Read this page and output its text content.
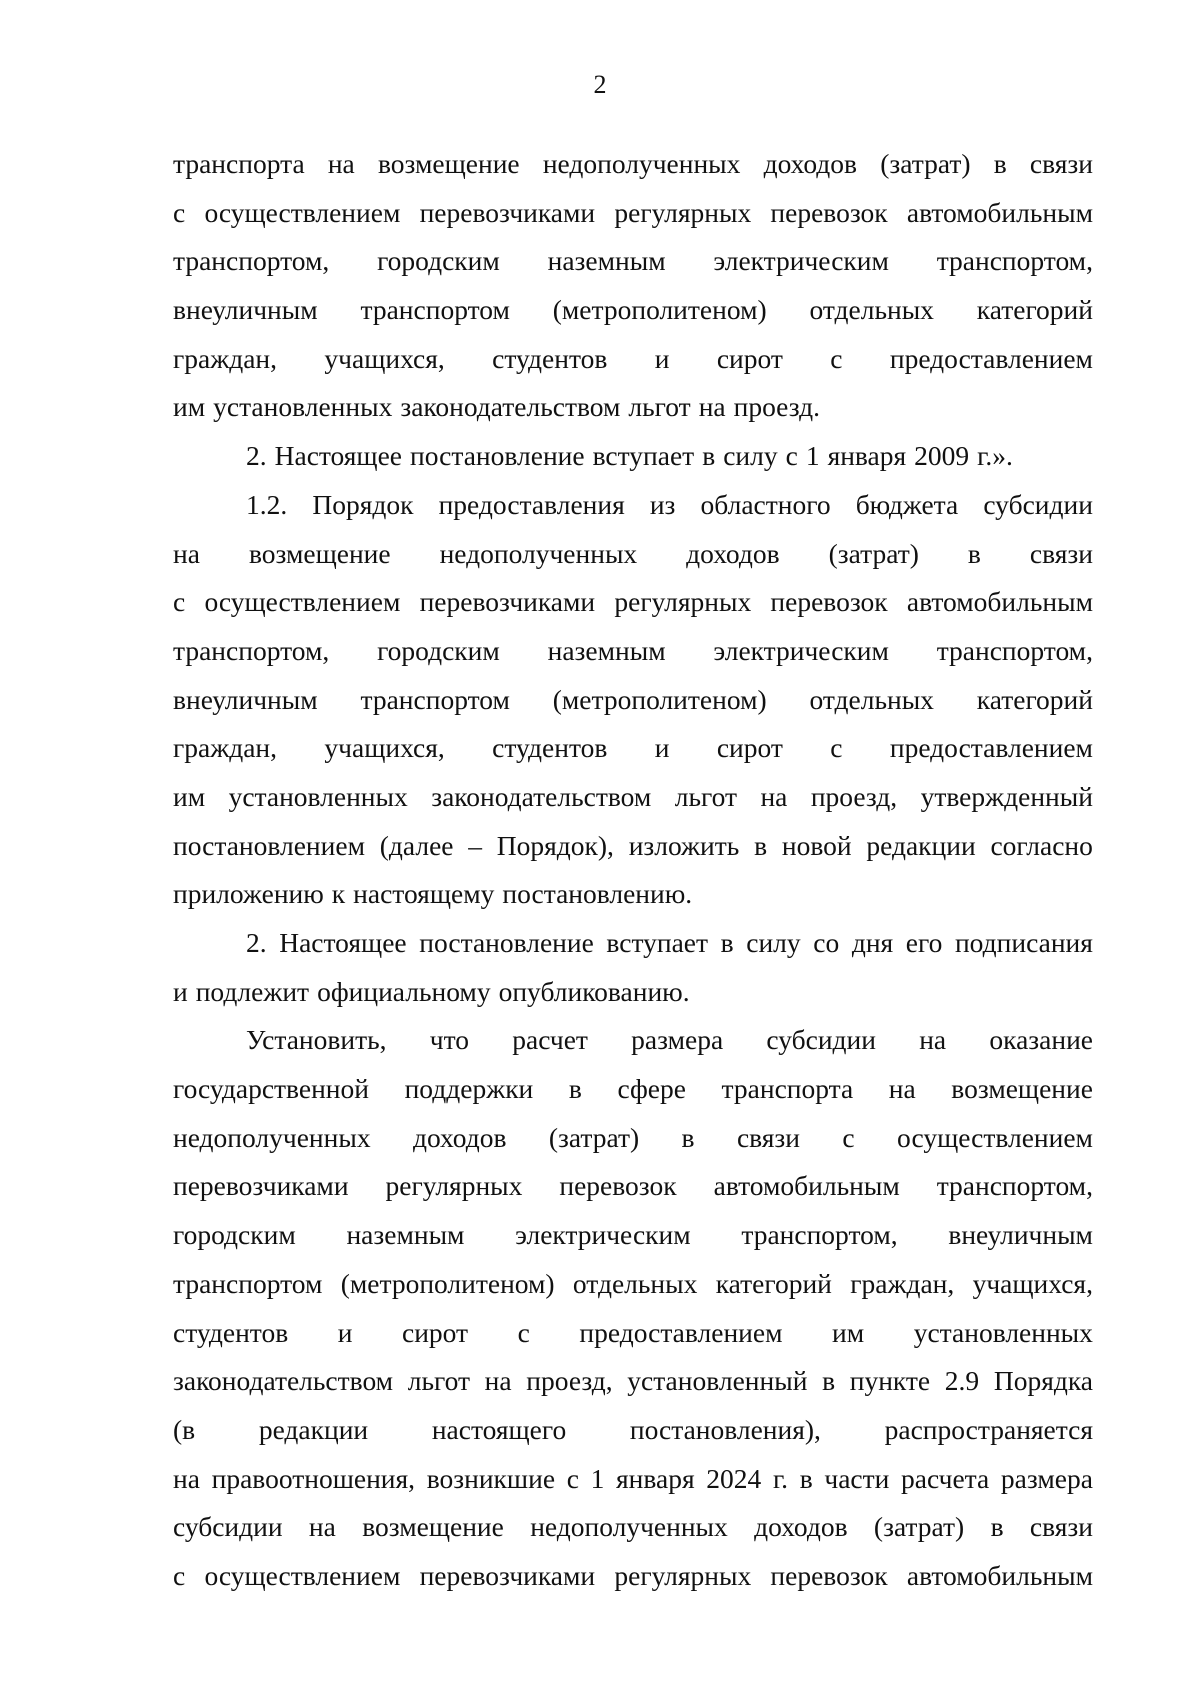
2
транспорта на возмещение недополученных доходов (затрат) в связи
с осуществлением перевозчиками регулярных перевозок автомобильным
транспортом, городским наземным электрическим транспортом,
внеуличным транспортом (метрополитеном) отдельных категорий
граждан, учащихся, студентов и сирот с предоставлением
им установленных законодательством льгот на проезд.
2. Настоящее постановление вступает в силу с 1 января 2009 г.».
1.2. Порядок предоставления из областного бюджета субсидии
на возмещение недополученных доходов (затрат) в связи
с осуществлением перевозчиками регулярных перевозок автомобильным
транспортом, городским наземным электрическим транспортом,
внеуличным транспортом (метрополитеном) отдельных категорий
граждан, учащихся, студентов и сирот с предоставлением
им установленных законодательством льгот на проезд, утвержденный
постановлением (далее – Порядок), изложить в новой редакции согласно
приложению к настоящему постановлению.
2. Настоящее постановление вступает в силу со дня его подписания
и подлежит официальному опубликованию.
Установить, что расчет размера субсидии на оказание
государственной поддержки в сфере транспорта на возмещение
недополученных доходов (затрат) в связи с осуществлением
перевозчиками регулярных перевозок автомобильным транспортом,
городским наземным электрическим транспортом, внеуличным
транспортом (метрополитеном) отдельных категорий граждан, учащихся,
студентов и сирот с предоставлением им установленных
законодательством льгот на проезд, установленный в пункте 2.9 Порядка
(в редакции настоящего постановления), распространяется
на правоотношения, возникшие с 1 января 2024 г. в части расчета размера
субсидии на возмещение недополученных доходов (затрат) в связи
с осуществлением перевозчиками регулярных перевозок автомобильным
